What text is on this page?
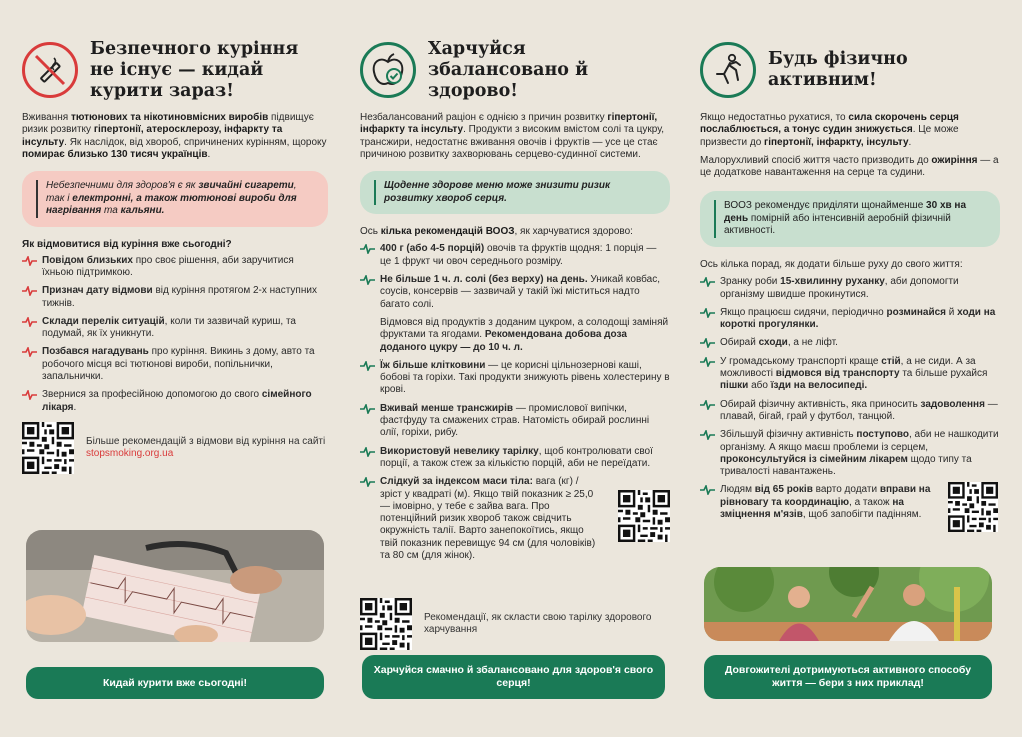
Безпечного куріння не існує — кидай курити зараз!

Вживання тютюнових та нікотиновмісних виробів підвищує ризик розвитку гіпертонії, атеросклерозу, інфаркту та інсульту. Як наслідок, від хвороб, спричинених курінням, щороку помирає близько 130 тисяч українців.

Небезпечними для здоров'я є як звичайні сигарети, так і електронні, а також тютюнові вироби для нагрівання та кальяни.
Як відмовитися від куріння вже сьогодні?
Повідом близьких про своє рішення, аби заручитися їхньою підтримкою.
Признач дату відмови від куріння протягом 2-х наступних тижнів.
Склади перелік ситуацій, коли ти зазвичай куриш, та подумай, як їх уникнути.
Позбався нагадувань про куріння. Викинь з дому, авто та робочого місця всі тютюнові вироби, попільнички, запальнички.
Звернися за професійною допомогою до свого сімейного лікаря.
Більше рекомендацій з відмови від куріння на сайті stopsmoking.org.ua
Кидай курити вже сьогодні!
Харчуйся збалансовано й здорово!

Незбалансований раціон є однією з причин розвитку гіпертонії, інфаркту та інсульту. Продукти з високим вмістом солі та цукру, трансжири, недостатнє вживання овочів і фруктів — усе це стає причиною розвитку захворювань серцево-судинної системи.

Щоденне здорове меню може знизити ризик розвитку хвороб серця.

Ось кілька рекомендацій ВООЗ, як харчуватися здорово:

400 г (або 4-5 порцій) овочів та фруктів щодня: 1 порція — це 1 фрукт чи овоч середнього розміру.
Не більше 1 ч. л. солі (без верху) на день. Уникай ковбас, соусів, консервів — зазвичай у такій їжі міститься надто багато солі.
Відмовся від продуктів з доданим цукром, а солодощі заміняй фруктами та ягодами. Рекомендована добова доза доданого цукру — до 10 ч. л.
Їж більше клітковини — це корисні цільнозернові каші, бобові та горіхи. Такі продукти знижують рівень холестерину в крові.
Вживай менше трансжирів — промислової випічки, фастфуду та смажених страв. Натомість обирай рослинні олії, горіхи, рибу.
Використовуй невелику тарілку, щоб контролювати свої порції, а також стеж за кількістю порцій, аби не переїдати.
Слідкуй за індексом маси тіла: вага (кг) / зріст у квадраті (м). Якщо твій показник ≥ 25,0 — імовірно, у тебе є зайва вага. Про потенційний ризик хвороб також свідчить окружність талії. Варто занепокоїтись, якщо твій показник перевищує 94 см (для чоловіків) та 80 см (для жінок).
Рекомендації, як скласти свою тарілку здорового харчування
Харчуйся смачно й збалансовано для здоров'я свого серця!
Будь фізично активним!

Якщо недостатньо рухатися, то сила скорочень серця послаблюється, а тонус судин знижується. Це може призвести до гіпертонії, інфаркту, інсульту.

Малорухливий спосіб життя часто призводить до ожиріння — а це додаткове навантаження на серце та судини.

ВООЗ рекомендує приділяти щонайменше 30 хв на день помірній або інтенсивній аеробній фізичній активності.

Ось кілька порад, як додати більше руху до свого життя:

Зранку роби 15-хвилинну руханку, аби допомогти організму швидше прокинутися.
Якщо працюєш сидячи, періодично розминайся й ходи на короткі прогулянки.
Обирай сходи, а не ліфт.
У громадському транспорті краще стій, а не сиди. А за можливості відмовся від транспорту та більше рухайся пішки або їзди на велосипеді.
Обирай фізичну активність, яка приносить задоволення — плавай, бігай, грай у футбол, танцюй.
Збільшуй фізичну активність поступово, аби не нашкодити організму. А якщо маєш проблеми із серцем, проконсультуйся із сімейним лікарем щодо типу та тривалості навантажень.
Людям від 65 років варто додати вправи на рівновагу та координацію, а також на зміцнення м'язів, щоб запобігти падінням.
Довгожителі дотримуються активного способу життя — бери з них приклад!
